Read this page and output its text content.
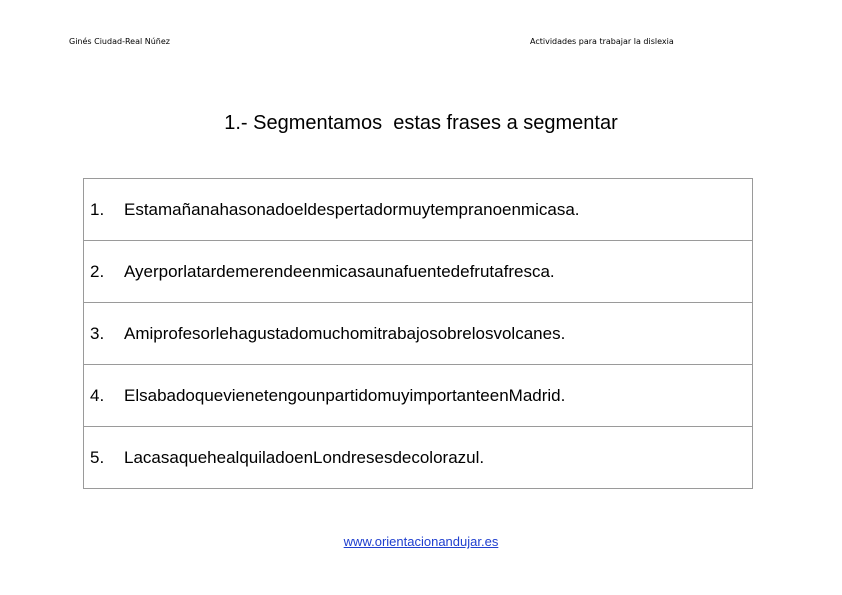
Ginés Ciudad-Real Núñez	Actividades para trabajar la dislexia
1.- Segmentamos  estas frases a segmentar
1. Estamañanahasonadoeldespertadormuytempranoenmicasa.
2. Ayerporlatardemerendeenmicasaunafuentedefrutafresca.
3. Amiprofesorlehagustadomuchomitrabajosobrelosvolcanes.
4. ElsabadoquevienetengounpartidomuyimportanteenMadrid.
5. LacasaquehealquiladoenLondresesdecolorazul.
www.orientacionandujar.es
